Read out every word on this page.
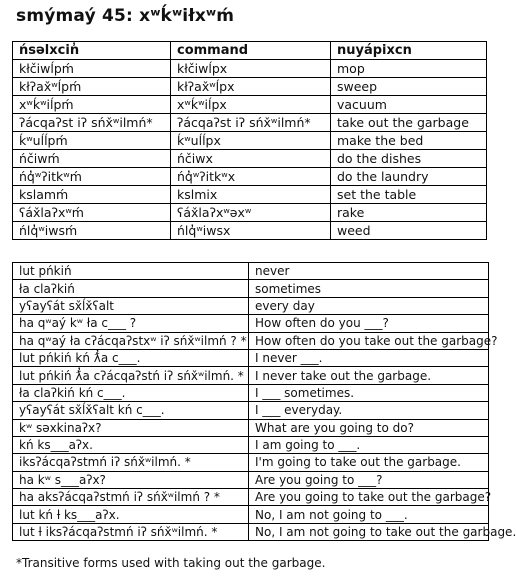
smýmaý 45: xʷḱʷiłxʷḿ
ńsəlxcin̓	command	nuyápixcn
kłčiwĺpḿ	kłčiwĺpx	mop
kłʔax̌ʷĺpḿ	kłʔax̌ʷĺpx	sweep
xʷḱʷiĺpḿ	xʷḱʷiĺpx	vacuum
ʔácqaʔst iʔ sńx̌ʷilmń*	ʔácqaʔst iʔ sńx̌ʷilmń*	take out the garbage
ḱʷuĺĺpḿ	ḱʷuĺĺpx	make the bed
ńčiwḿ	ńčiwx	do the dishes
ńq̓ʷʔitkʷḿ	ńq̓ʷʔitkʷx	do the laundry
kslamḿ	kslmix	set the table
ʕáx̌laʔxʷḿ	ʕáx̌laʔxʷəxʷ	rake
ńlq̓ʷiwsḿ	ńlq̓ʷiwsx	weed
lut pńkiń	never
ła claʔkiń	sometimes
yʕayʕát sx̌ĺx̌ʕalt	every day
ha qʷaý kʷ ła c___ ?	How often do you ___?
ha qʷaý ła cʔácqaʔstxʷ iʔ sńx̌ʷilmń ? *	How often do you take out the garbage?
lut pńkiń kń ƛ̓a c___.	I never ___.
lut pńkiń ƛ̓a cʔácqaʔstń iʔ sńx̌ʷilmń. *	I never take out the garbage.
ła claʔkiń kń c___.	I ___ sometimes.
yʕayʕát sx̌ĺx̌ʕalt kń c___.	I ___ everyday.
kʷ səxkinaʔx?	What are you going to do?
kń ks___aʔx.	I am going to ___.
iksʔácqaʔstmń iʔ sńx̌ʷilmń. *	I'm going to take out the garbage.
ha kʷ s___aʔx?	Are you going to ___?
ha aksʔácqaʔstmń iʔ sńx̌ʷilmń ? *	Are you going to take out the garbage?
lut kń ƚ ks___aʔx.	No, I am not going to ___.
lut ƚ iksʔácqaʔstmń iʔ sńx̌ʷilmń. *	No, I am not going to take out the garbage.
*Transitive forms used with taking out the garbage.
